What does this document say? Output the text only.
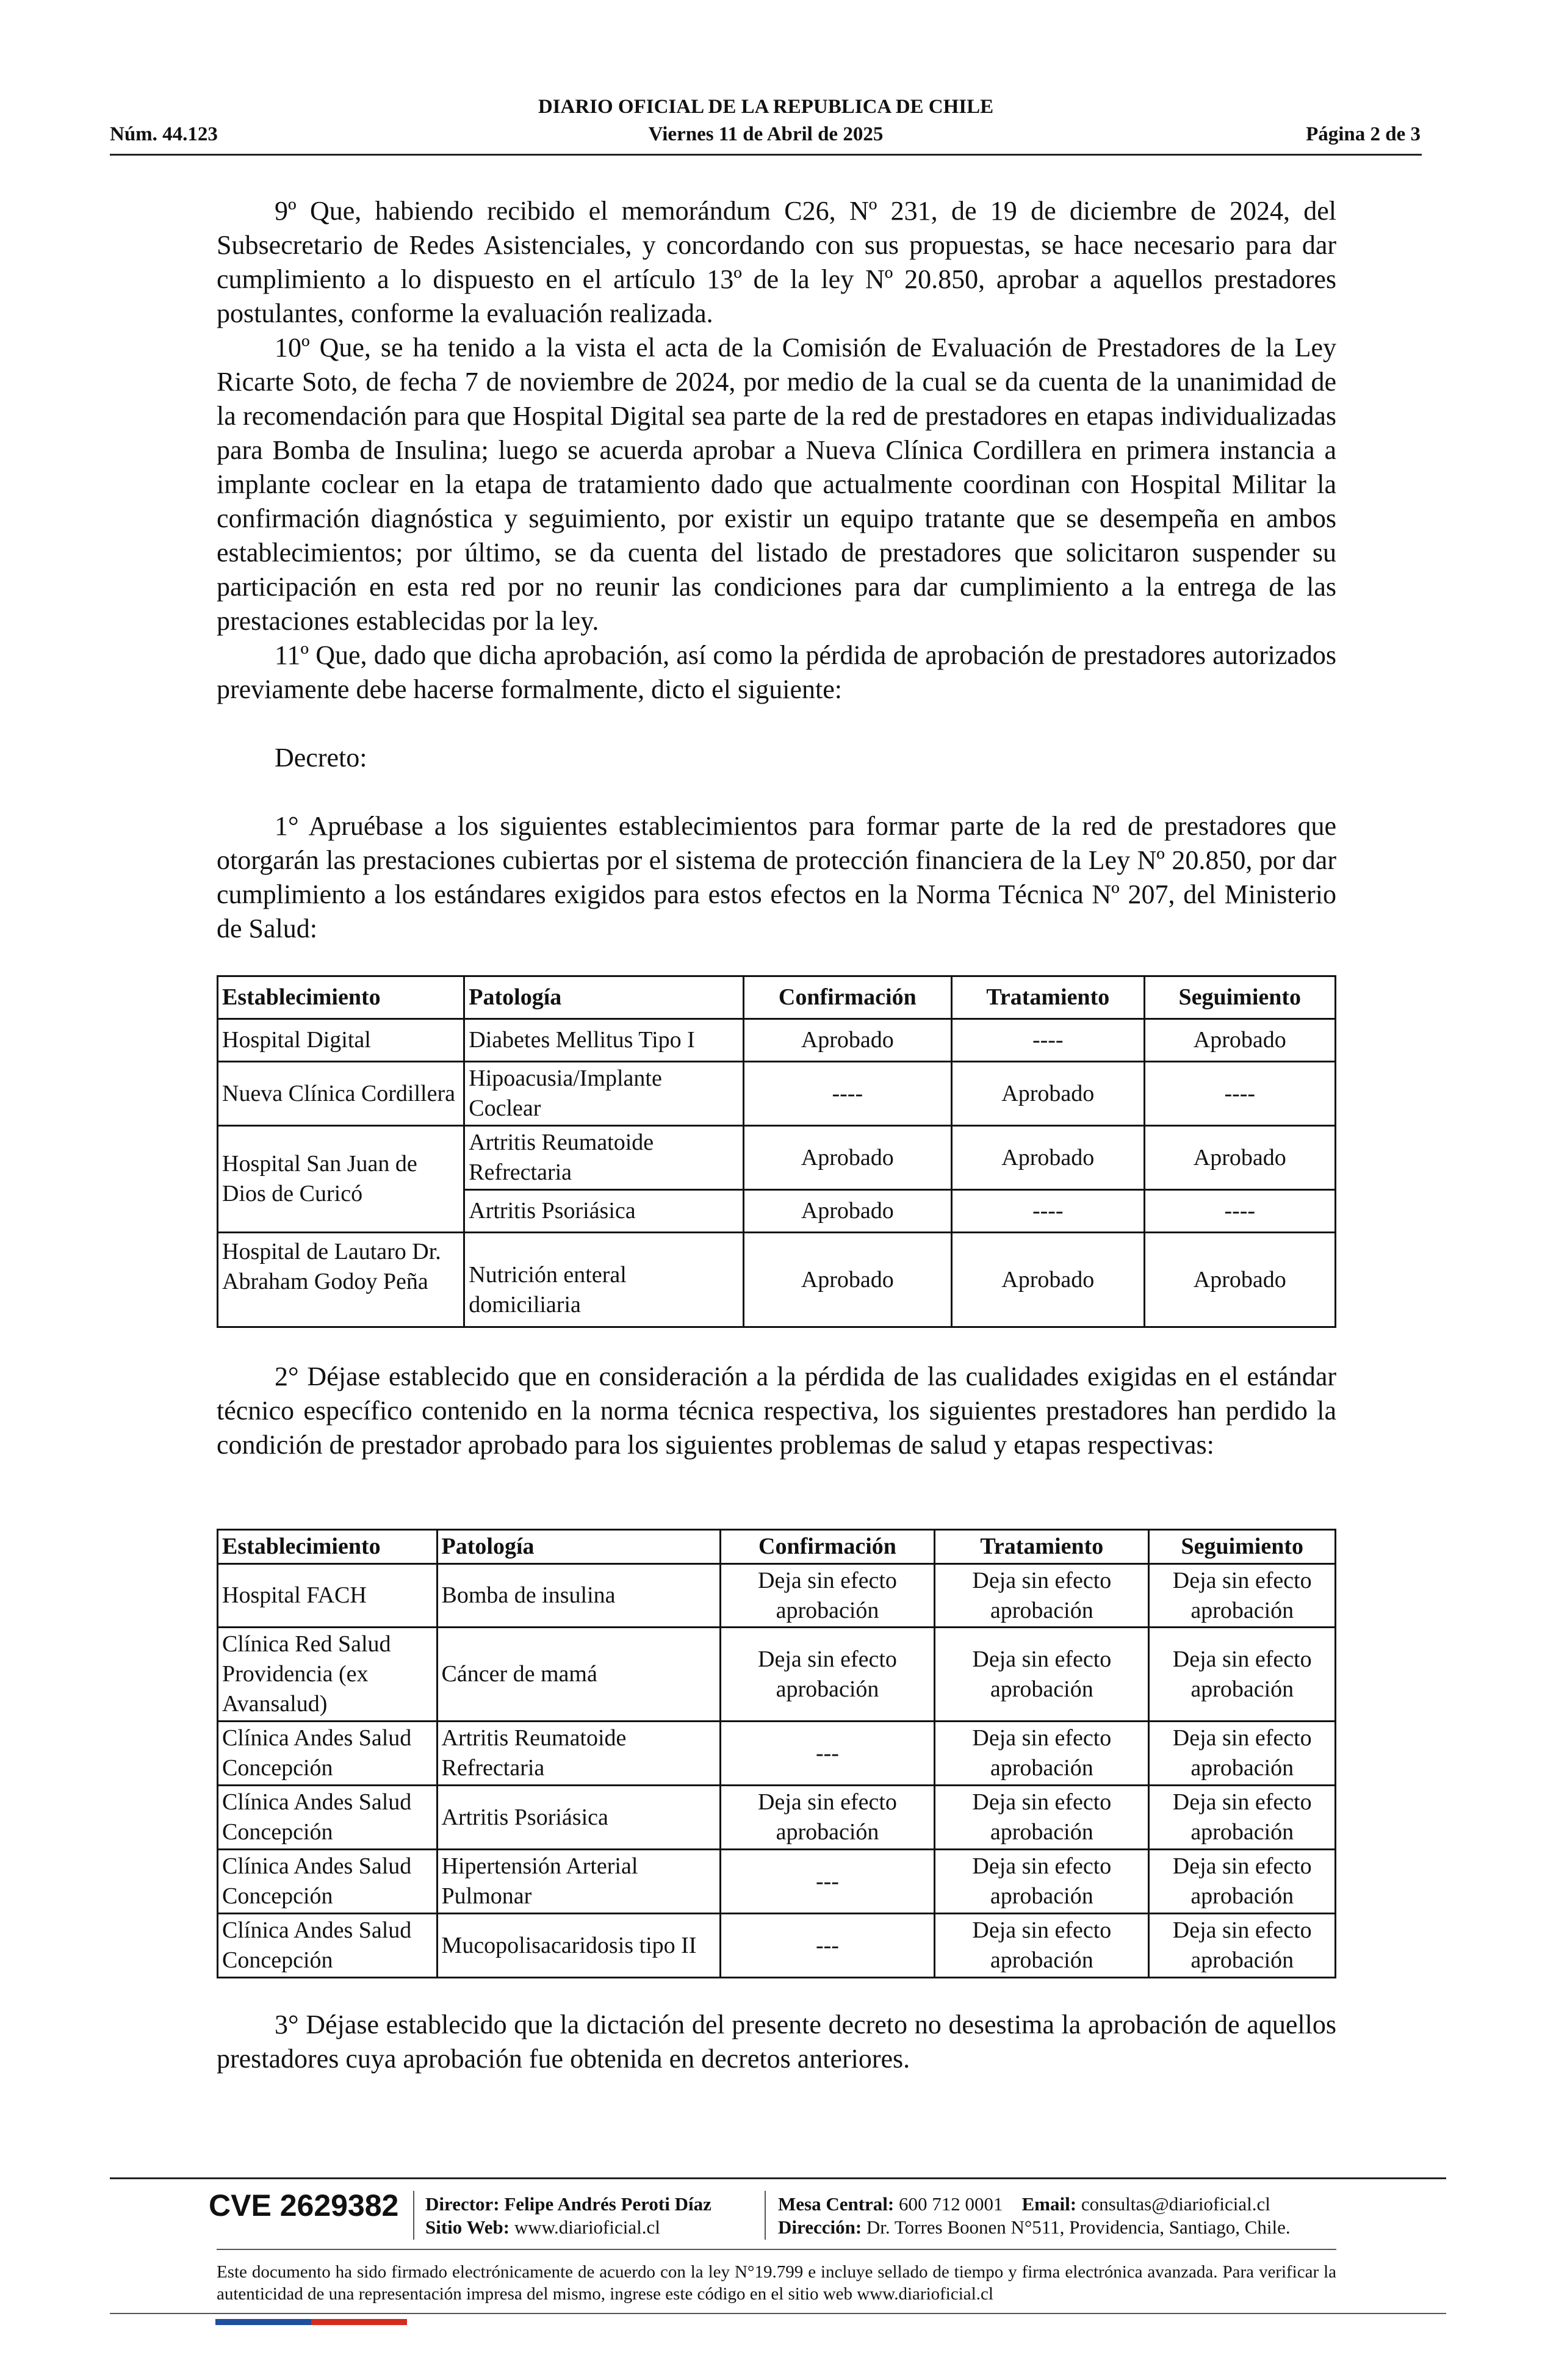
DIARIO OFICIAL DE LA REPUBLICA DE CHILE
Núm. 44.123	Viernes 11 de Abril de 2025	Página 2 de 3

9º Que, habiendo recibido el memorándum C26, Nº 231, de 19 de diciembre de 2024, del Subsecretario de Redes Asistenciales, y concordando con sus propuestas, se hace necesario para dar cumplimiento a lo dispuesto en el artículo 13º de la ley Nº 20.850, aprobar a aquellos prestadores postulantes, conforme la evaluación realizada.

10º Que, se ha tenido a la vista el acta de la Comisión de Evaluación de Prestadores de la Ley Ricarte Soto, de fecha 7 de noviembre de 2024, por medio de la cual se da cuenta de la unanimidad de la recomendación para que Hospital Digital sea parte de la red de prestadores en etapas individualizadas para Bomba de Insulina; luego se acuerda aprobar a Nueva Clínica Cordillera en primera instancia a implante coclear en la etapa de tratamiento dado que actualmente coordinan con Hospital Militar la confirmación diagnóstica y seguimiento, por existir un equipo tratante que se desempeña en ambos establecimientos; por último, se da cuenta del listado de prestadores que solicitaron suspender su participación en esta red por no reunir las condiciones para dar cumplimiento a la entrega de las prestaciones establecidas por la ley.

11º Que, dado que dicha aprobación, así como la pérdida de aprobación de prestadores autorizados previamente debe hacerse formalmente, dicto el siguiente:

Decreto:

1° Apruébase a los siguientes establecimientos para formar parte de la red de prestadores que otorgarán las prestaciones cubiertas por el sistema de protección financiera de la Ley Nº 20.850, por dar cumplimiento a los estándares exigidos para estos efectos en la Norma Técnica Nº 207, del Ministerio de Salud:

Establecimiento	Patología	Confirmación	Tratamiento	Seguimiento
Hospital Digital	Diabetes Mellitus Tipo I	Aprobado	----	Aprobado
Nueva Clínica Cordillera	Hipoacusia/Implante Coclear	----	Aprobado	----
Hospital San Juan de Dios de Curicó	Artritis Reumatoide Refrectaria	Aprobado	Aprobado	Aprobado
	Artritis Psoriásica	Aprobado	----	----
Hospital de Lautaro Dr. Abraham Godoy Peña	Nutrición enteral domiciliaria	Aprobado	Aprobado	Aprobado

2° Déjase establecido que en consideración a la pérdida de las cualidades exigidas en el estándar técnico específico contenido en la norma técnica respectiva, los siguientes prestadores han perdido la condición de prestador aprobado para los siguientes problemas de salud y etapas respectivas:

Establecimiento	Patología	Confirmación	Tratamiento	Seguimiento
Hospital FACH	Bomba de insulina	Deja sin efecto aprobación	Deja sin efecto aprobación	Deja sin efecto aprobación
Clínica Red Salud Providencia (ex Avansalud)	Cáncer de mamá	Deja sin efecto aprobación	Deja sin efecto aprobación	Deja sin efecto aprobación
Clínica Andes Salud Concepción	Artritis Reumatoide Refrectaria	---	Deja sin efecto aprobación	Deja sin efecto aprobación
Clínica Andes Salud Concepción	Artritis Psoriásica	Deja sin efecto aprobación	Deja sin efecto aprobación	Deja sin efecto aprobación
Clínica Andes Salud Concepción	Hipertensión Arterial Pulmonar	---	Deja sin efecto aprobación	Deja sin efecto aprobación
Clínica Andes Salud Concepción	Mucopolisacaridosis tipo II	---	Deja sin efecto aprobación	Deja sin efecto aprobación

3° Déjase establecido que la dictación del presente decreto no desestima la aprobación de aquellos prestadores cuya aprobación fue obtenida en decretos anteriores.

CVE 2629382 Director: Felipe Andrés Peroti Díaz
Sitio Web: www.diarioficial.cl
Mesa Central: 600 712 0001 Email: consultas@diarioficial.cl
Dirección: Dr. Torres Boonen N°511, Providencia, Santiago, Chile.
Este documento ha sido firmado electrónicamente de acuerdo con la ley N°19.799 e incluye sellado de tiempo y firma electrónica avanzada. Para verificar la autenticidad de una representación impresa del mismo, ingrese este código en el sitio web www.diarioficial.cl
